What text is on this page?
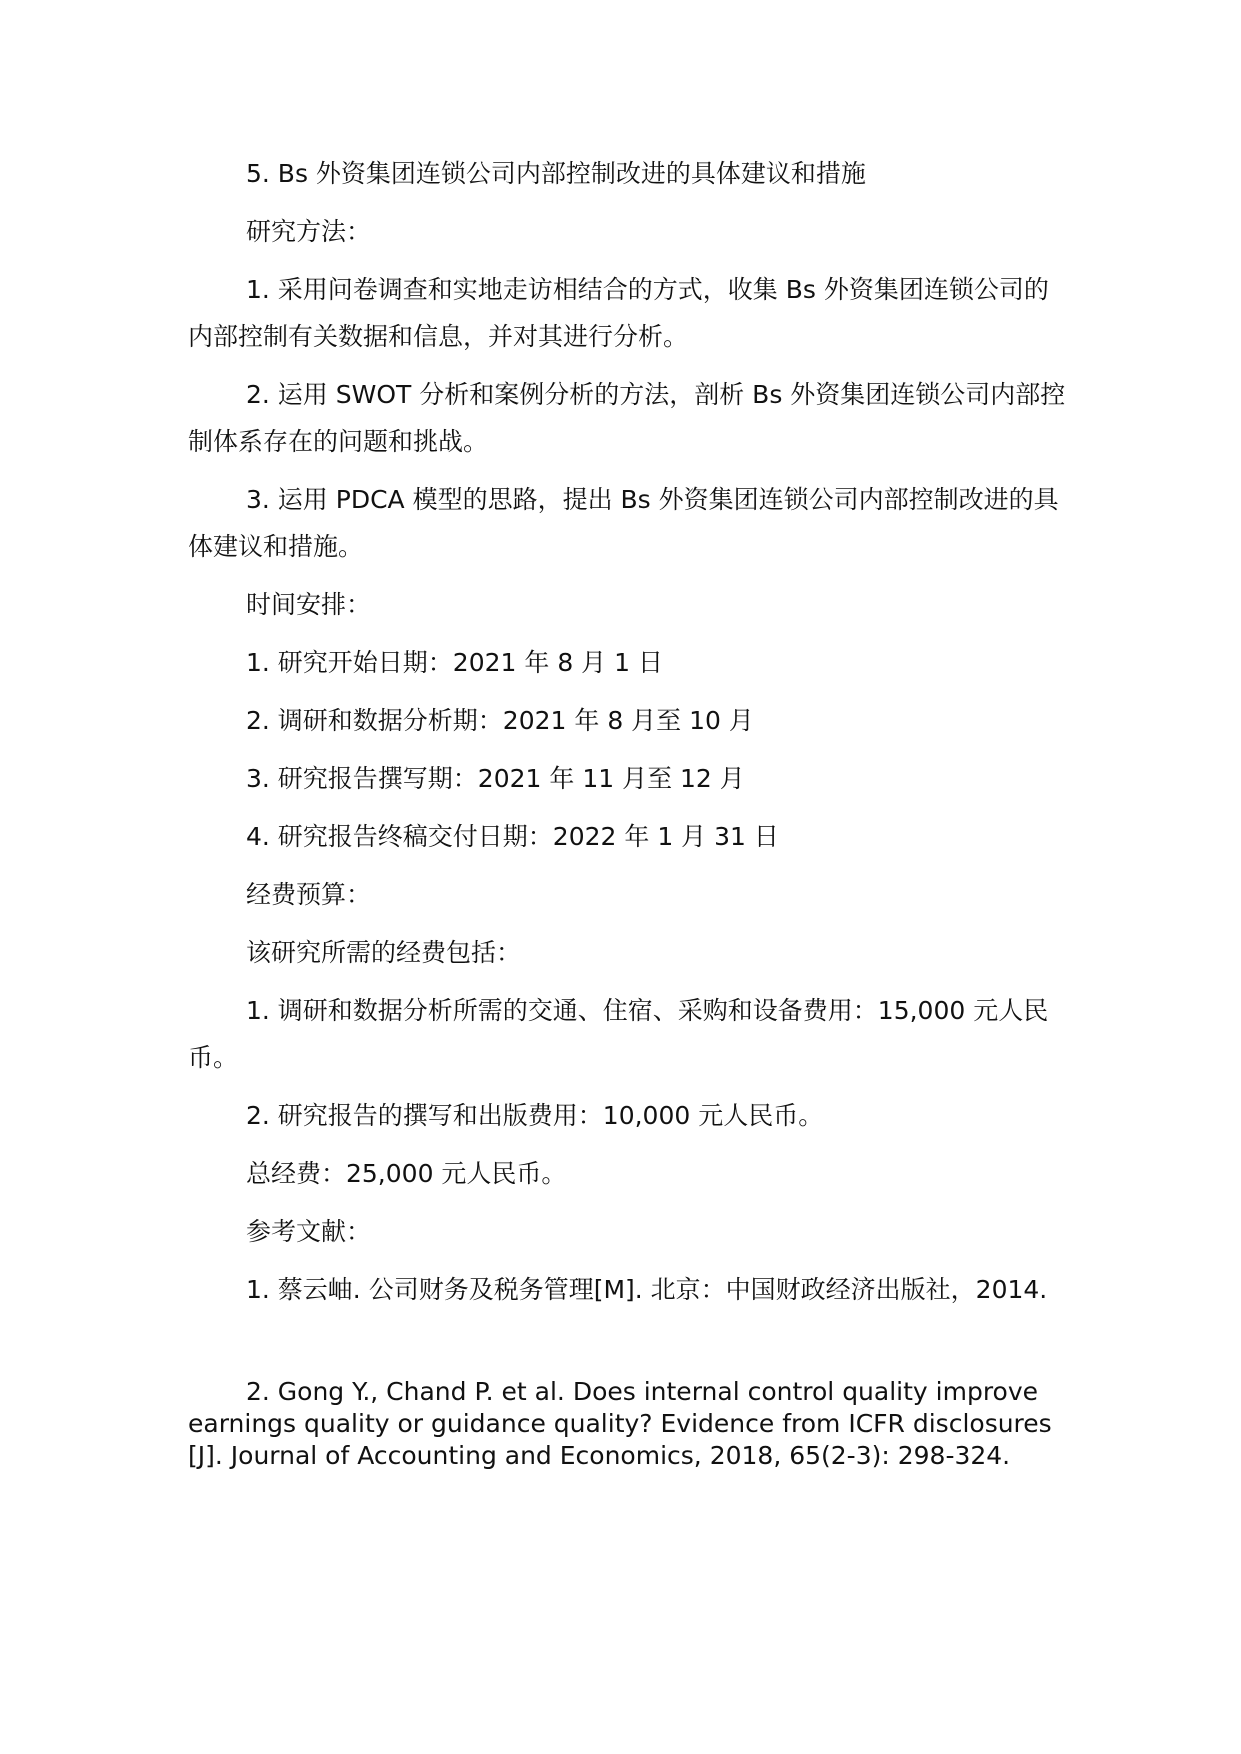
5. Bs 外资集团连锁公司内部控制改进的具体建议和措施

研究方法：

1. 采用问卷调查和实地走访相结合的方式，收集 Bs 外资集团连锁公司的内部控制有关数据和信息，并对其进行分析。

2. 运用 SWOT 分析和案例分析的方法，剖析 Bs 外资集团连锁公司内部控制体系存在的问题和挑战。

3. 运用 PDCA 模型的思路，提出 Bs 外资集团连锁公司内部控制改进的具体建议和措施。

时间安排：

1. 研究开始日期：2021 年 8 月 1 日

2. 调研和数据分析期：2021 年 8 月至 10 月

3. 研究报告撰写期：2021 年 11 月至 12 月

4. 研究报告终稿交付日期：2022 年 1 月 31 日

经费预算：

该研究所需的经费包括：

1. 调研和数据分析所需的交通、住宿、采购和设备费用：15,000 元人民币。

2. 研究报告的撰写和出版费用：10,000 元人民币。

总经费：25,000 元人民币。

参考文献：

1. 蔡云岫. 公司财务及税务管理[M]. 北京：中国财政经济出版社，2014.

2. Gong Y., Chand P. et al. Does internal control quality improve earnings quality or guidance quality? Evidence from ICFR disclosures [J]. Journal of Accounting and Economics, 2018, 65(2-3): 298-324.
